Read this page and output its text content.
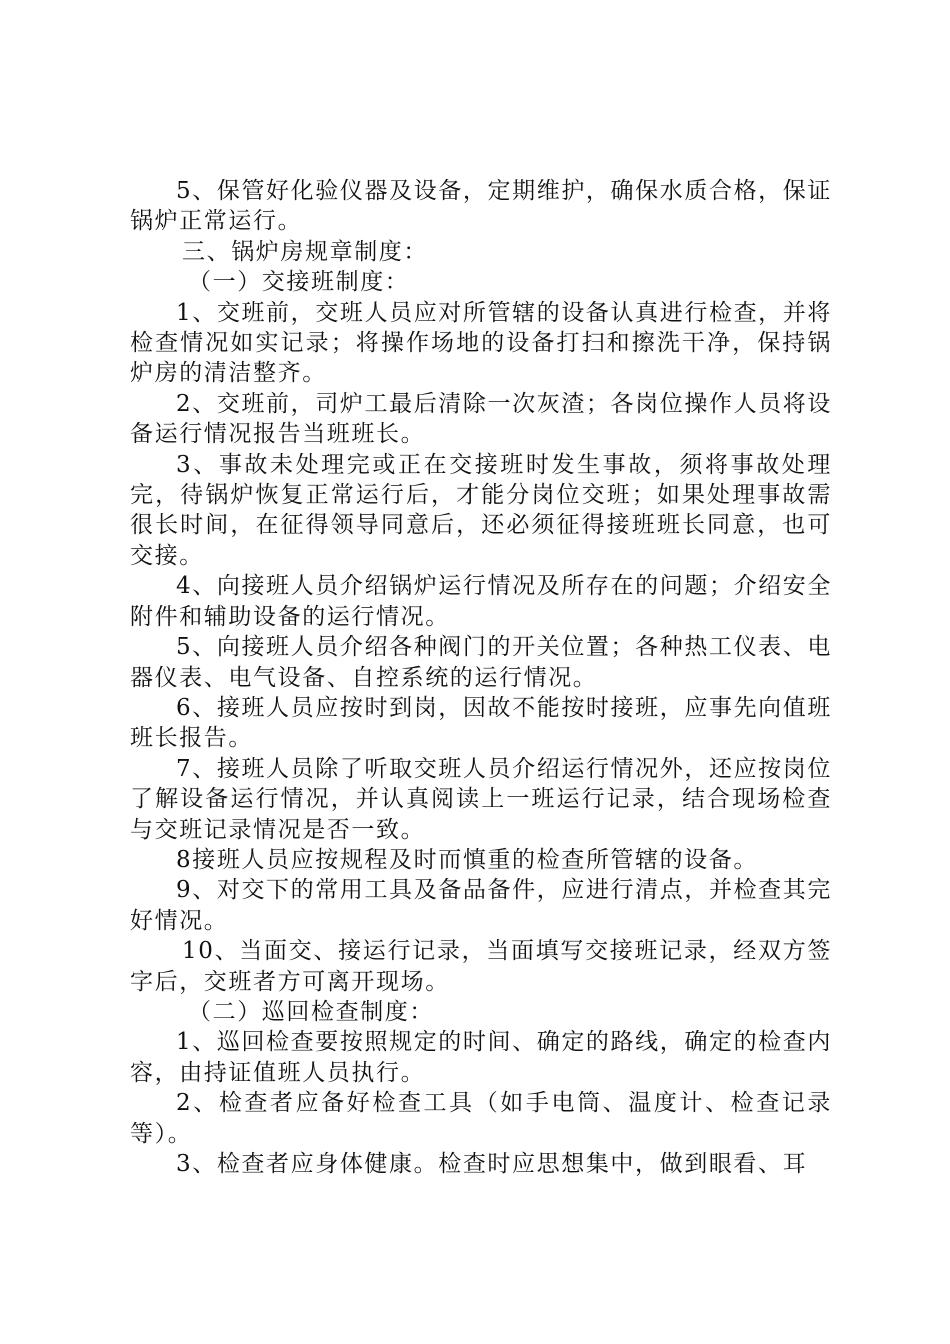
5、保管好化验仪器及设备，定期维护，确保水质合格，保证锅炉正常运行。

三、锅炉房规章制度：

（一）交接班制度：

1、交班前，交班人员应对所管辖的设备认真进行检查，并将检查情况如实记录；将操作场地的设备打扫和擦洗干净，保持锅炉房的清洁整齐。

2、交班前，司炉工最后清除一次灰渣；各岗位操作人员将设备运行情况报告当班班长。

3、事故未处理完或正在交接班时发生事故，须将事故处理完，待锅炉恢复正常运行后，才能分岗位交班；如果处理事故需很长时间，在征得领导同意后，还必须征得接班班长同意，也可交接。

4、向接班人员介绍锅炉运行情况及所存在的问题；介绍安全附件和辅助设备的运行情况。

5、向接班人员介绍各种阀门的开关位置；各种热工仪表、电器仪表、电气设备、自控系统的运行情况。

6、接班人员应按时到岗，因故不能按时接班，应事先向值班班长报告。

7、接班人员除了听取交班人员介绍运行情况外，还应按岗位了解设备运行情况，并认真阅读上一班运行记录，结合现场检查与交班记录情况是否一致。

8接班人员应按规程及时而慎重的检查所管辖的设备。

9、对交下的常用工具及备品备件，应进行清点，并检查其完好情况。

10、当面交、接运行记录，当面填写交接班记录，经双方签字后，交班者方可离开现场。

（二）巡回检查制度：

1、巡回检查要按照规定的时间、确定的路线，确定的检查内容，由持证值班人员执行。

2、检查者应备好检查工具（如手电筒、温度计、检查记录等）。

3、检查者应身体健康。检查时应思想集中，做到眼看、耳
